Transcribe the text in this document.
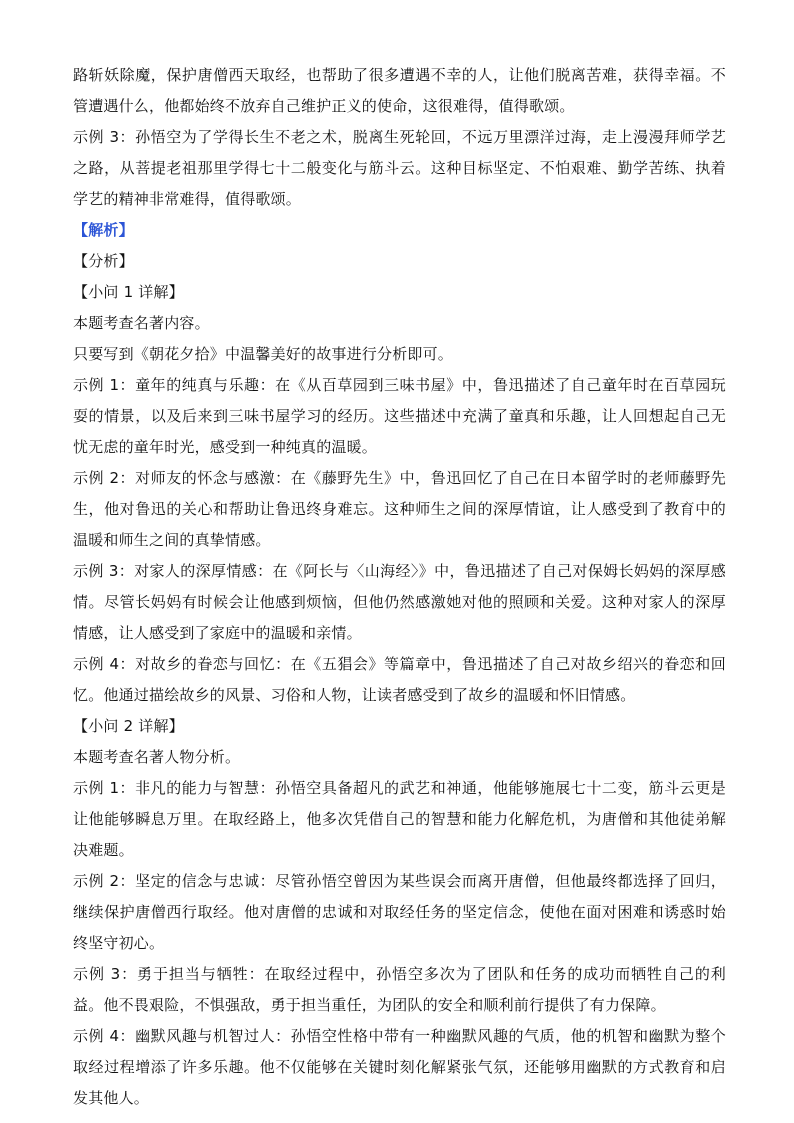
路斩妖除魔，保护唐僧西天取经，也帮助了很多遭遇不幸的人，让他们脱离苦难，获得幸福。不管遭遇什么，他都始终不放弃自己维护正义的使命，这很难得，值得歌颂。

示例 3：孙悟空为了学得长生不老之术，脱离生死轮回，不远万里漂洋过海，走上漫漫拜师学艺之路，从菩提老祖那里学得七十二般变化与筋斗云。这种目标坚定、不怕艰难、勤学苦练、执着学艺的精神非常难得，值得歌颂。

【解析】

【分析】

【小问 1 详解】

本题考查名著内容。

只要写到《朝花夕拾》中温馨美好的故事进行分析即可。

示例 1：童年的纯真与乐趣：在《从百草园到三味书屋》中，鲁迅描述了自己童年时在百草园玩耍的情景，以及后来到三味书屋学习的经历。这些描述中充满了童真和乐趣，让人回想起自己无忧无虑的童年时光，感受到一种纯真的温暖。

示例 2：对师友的怀念与感激：在《藤野先生》中，鲁迅回忆了自己在日本留学时的老师藤野先生，他对鲁迅的关心和帮助让鲁迅终身难忘。这种师生之间的深厚情谊，让人感受到了教育中的温暖和师生之间的真挚情感。

示例 3：对家人的深厚情感：在《阿长与〈山海经〉》中，鲁迅描述了自己对保姆长妈妈的深厚感情。尽管长妈妈有时候会让他感到烦恼，但他仍然感激她对他的照顾和关爱。这种对家人的深厚情感，让人感受到了家庭中的温暖和亲情。

示例 4：对故乡的眷恋与回忆：在《五猖会》等篇章中，鲁迅描述了自己对故乡绍兴的眷恋和回忆。他通过描绘故乡的风景、习俗和人物，让读者感受到了故乡的温暖和怀旧情感。

【小问 2 详解】

本题考查名著人物分析。

示例 1：非凡的能力与智慧：孙悟空具备超凡的武艺和神通，他能够施展七十二变，筋斗云更是让他能够瞬息万里。在取经路上，他多次凭借自己的智慧和能力化解危机，为唐僧和其他徒弟解决难题。

示例 2：坚定的信念与忠诚：尽管孙悟空曾因为某些误会而离开唐僧，但他最终都选择了回归，继续保护唐僧西行取经。他对唐僧的忠诚和对取经任务的坚定信念，使他在面对困难和诱惑时始终坚守初心。

示例 3：勇于担当与牺牲：在取经过程中，孙悟空多次为了团队和任务的成功而牺牲自己的利益。他不畏艰险，不惧强敌，勇于担当重任，为团队的安全和顺利前行提供了有力保障。

示例 4：幽默风趣与机智过人：孙悟空性格中带有一种幽默风趣的气质，他的机智和幽默为整个取经过程增添了许多乐趣。他不仅能够在关键时刻化解紧张气氛，还能够用幽默的方式教育和启发其他人。
